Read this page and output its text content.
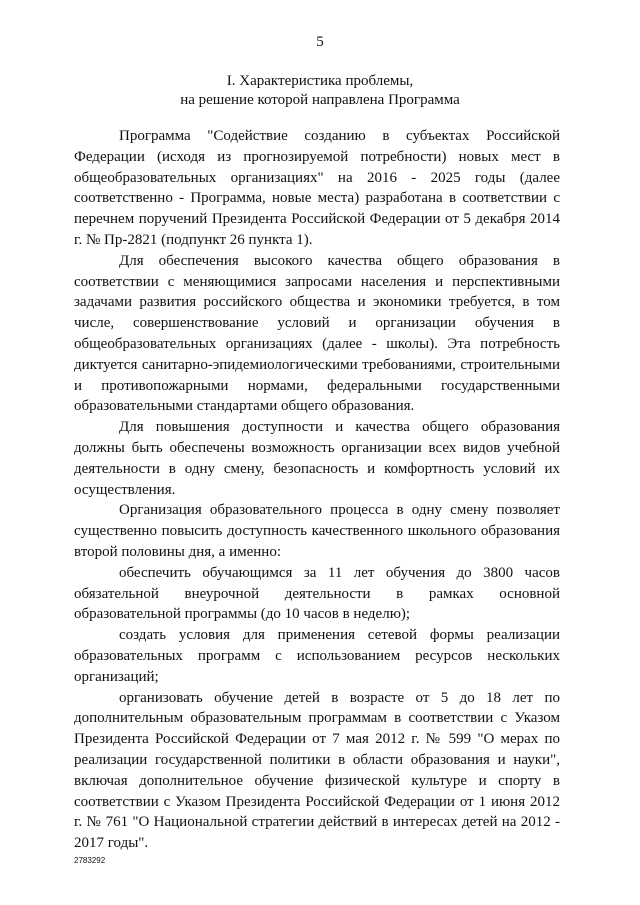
5
I. Характеристика проблемы,
на решение которой направлена Программа

Программа "Содействие созданию в субъектах Российской Федерации (исходя из прогнозируемой потребности) новых мест в общеобразовательных организациях" на 2016 - 2025 годы (далее соответственно - Программа, новые места) разработана в соответствии с перечнем поручений Президента Российской Федерации от 5 декабря 2014 г. № Пр-2821 (подпункт 26 пункта 1).

Для обеспечения высокого качества общего образования в соответствии с меняющимися запросами населения и перспективными задачами развития российского общества и экономики требуется, в том числе, совершенствование условий и организации обучения в общеобразовательных организациях (далее - школы). Эта потребность диктуется санитарно-эпидемиологическими требованиями, строительными и противопожарными нормами, федеральными государственными образовательными стандартами общего образования.

Для повышения доступности и качества общего образования должны быть обеспечены возможность организации всех видов учебной деятельности в одну смену, безопасность и комфортность условий их осуществления.

Организация образовательного процесса в одну смену позволяет существенно повысить доступность качественного школьного образования второй половины дня, а именно:

обеспечить обучающимся за 11 лет обучения до 3800 часов обязательной внеурочной деятельности в рамках основной образовательной программы (до 10 часов в неделю);

создать условия для применения сетевой формы реализации образовательных программ с использованием ресурсов нескольких организаций;

организовать обучение детей в возрасте от 5 до 18 лет по дополнительным образовательным программам в соответствии с Указом Президента Российской Федерации от 7 мая 2012 г. № 599 "О мерах по реализации государственной политики в области образования и науки", включая дополнительное обучение физической культуре и спорту в соответствии с Указом Президента Российской Федерации от 1 июня 2012 г. № 761 "О Национальной стратегии действий в интересах детей на 2012 - 2017 годы".

2783292
